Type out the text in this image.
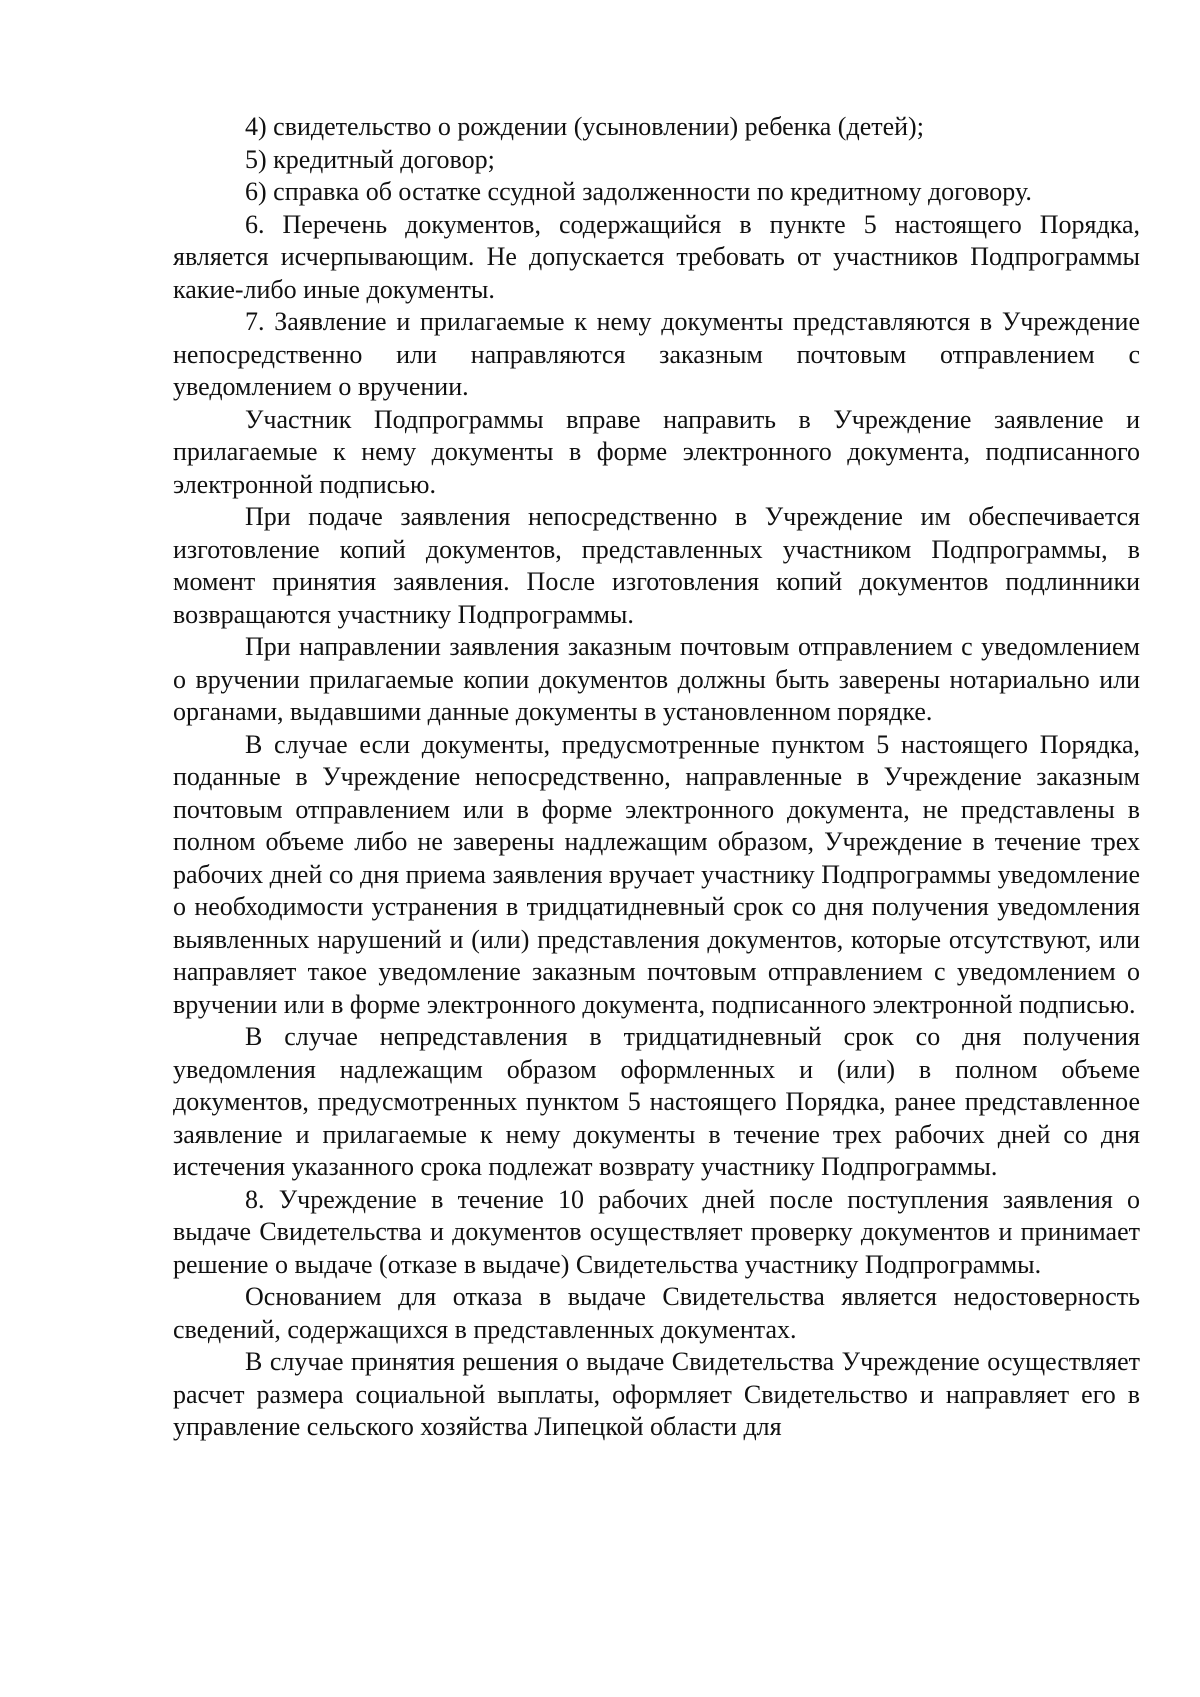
4) свидетельство о рождении (усыновлении) ребенка (детей);

5) кредитный договор;

6) справка об остатке ссудной задолженности по кредитному договору.

6. Перечень документов, содержащийся в пункте 5 настоящего Порядка, является исчерпывающим. Не допускается требовать от участников Подпрограммы какие-либо иные документы.

7. Заявление и прилагаемые к нему документы представляются в Учреждение непосредственно или направляются заказным почтовым отправлением с уведомлением о вручении.

Участник Подпрограммы вправе направить в Учреждение заявление и прилагаемые к нему документы в форме электронного документа, подписанного электронной подписью.

При подаче заявления непосредственно в Учреждение им обеспечивается изготовление копий документов, представленных участником Подпрограммы, в момент принятия заявления. После изготовления копий документов подлинники возвращаются участнику Подпрограммы.

При направлении заявления заказным почтовым отправлением с уведомлением о вручении прилагаемые копии документов должны быть заверены нотариально или органами, выдавшими данные документы в установленном порядке.

В случае если документы, предусмотренные пунктом 5 настоящего Порядка, поданные в Учреждение непосредственно, направленные в Учреждение заказным почтовым отправлением или в форме электронного документа, не представлены в полном объеме либо не заверены надлежащим образом, Учреждение в течение трех рабочих дней со дня приема заявления вручает участнику Подпрограммы уведомление о необходимости устранения в тридцатидневный срок со дня получения уведомления выявленных нарушений и (или) представления документов, которые отсутствуют, или направляет такое уведомление заказным почтовым отправлением с уведомлением о вручении или в форме электронного документа, подписанного электронной подписью.

В случае непредставления в тридцатидневный срок со дня получения уведомления надлежащим образом оформленных и (или) в полном объеме документов, предусмотренных пунктом 5 настоящего Порядка, ранее представленное заявление и прилагаемые к нему документы в течение трех рабочих дней со дня истечения указанного срока подлежат возврату участнику Подпрограммы.

8. Учреждение в течение 10 рабочих дней после поступления заявления о выдаче Свидетельства и документов осуществляет проверку документов и принимает решение о выдаче (отказе в выдаче) Свидетельства участнику Подпрограммы.

Основанием для отказа в выдаче Свидетельства является недостоверность сведений, содержащихся в представленных документах.

В случае принятия решения о выдаче Свидетельства Учреждение осуществляет расчет размера социальной выплаты, оформляет Свидетельство и направляет его в управление сельского хозяйства Липецкой области для
